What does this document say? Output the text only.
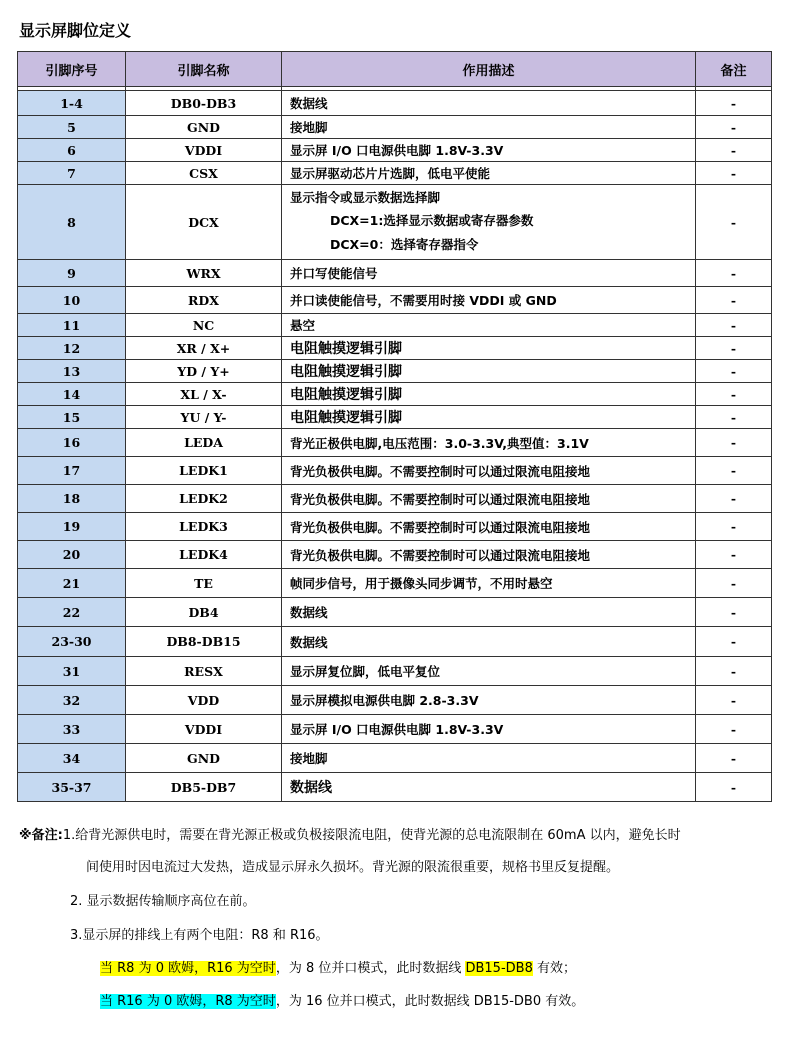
显示屏脚位定义
引脚序号	引脚名称	作用描述	备注

1-4	DB0-DB3	数据线	-
5	GND	接地脚	-
6	VDDI	显示屏 I/O 口电源供电脚 1.8V-3.3V	-
7	CSX	显示屏驱动芯片片选脚，低电平使能	-
8	DCX	显示指令或显示数据选择脚
DCX=1:选择显示数据或寄存器参数
DCX=0：选择寄存器指令	-
9	WRX	并口写使能信号	-
10	RDX	并口读使能信号，不需要用时接 VDDI 或 GND	-
11	NC	悬空	-
12	XR / X+	电阻触摸逻辑引脚	-
13	YD / Y+	电阻触摸逻辑引脚	-
14	XL / X-	电阻触摸逻辑引脚	-
15	YU / Y-	电阻触摸逻辑引脚	-
16	LEDA	背光正极供电脚,电压范围：3.0-3.3V,典型值：3.1V	-
17	LEDK1	背光负极供电脚。不需要控制时可以通过限流电阻接地	-
18	LEDK2	背光负极供电脚。不需要控制时可以通过限流电阻接地	-
19	LEDK3	背光负极供电脚。不需要控制时可以通过限流电阻接地	-
20	LEDK4	背光负极供电脚。不需要控制时可以通过限流电阻接地	-
21	TE	帧同步信号，用于摄像头同步调节，不用时悬空	-
22	DB4	数据线	-
23-30	DB8-DB15	数据线	-
31	RESX	显示屏复位脚，低电平复位	-
32	VDD	显示屏模拟电源供电脚 2.8-3.3V	-
33	VDDI	显示屏 I/O 口电源供电脚 1.8V-3.3V	-
34	GND	接地脚	-
35-37	DB5-DB7	数据线	-

※备注:1.给背光源供电时，需要在背光源正极或负极接限流电阻，使背光源的总电流限制在 60mA 以内，避免长时

间使用时因电流过大发热，造成显示屏永久损坏。背光源的限流很重要，规格书里反复提醒。

2. 显示数据传输顺序高位在前。

3.显示屏的排线上有两个电阻：R8 和 R16。

当 R8 为 0 欧姆，R16 为空时，为 8 位并口模式，此时数据线 DB15-DB8 有效；

当 R16 为 0 欧姆，R8 为空时，为 16 位并口模式，此时数据线 DB15-DB0 有效。
